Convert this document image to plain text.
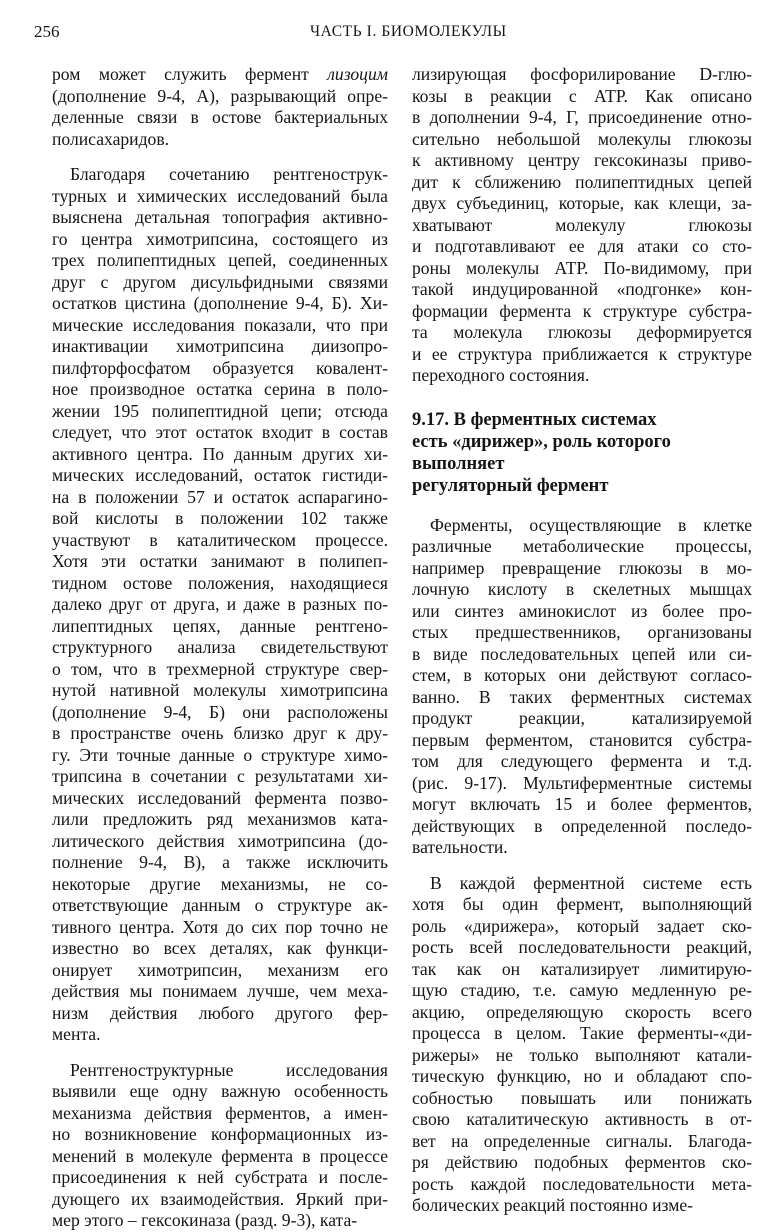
256	ЧАСТЬ I. БИОМОЛЕКУЛЫ
ром может служить фермент лизоцим
(дополнение 9-4, А), разрывающий опре-
деленные связи в остове бактериальных
полисахаридов.
Благодаря сочетанию рентгенострук-
турных и химических исследований была
выяснена детальная топография активно-
го центра химотрипсина, состоящего из
трех полипептидных цепей, соединенных
друг с другом дисульфидными связями
остатков цистина (дополнение 9-4, Б). Хи-
мические исследования показали, что при
инактивации химотрипсина диизопро-
пилфторфосфатом образуется ковалент-
ное производное остатка серина в поло-
жении 195 полипептидной цепи; отсюда
следует, что этот остаток входит в состав
активного центра. По данным других хи-
мических исследований, остаток гистиди-
на в положении 57 и остаток аспарагино-
вой кислоты в положении 102 также
участвуют в каталитическом процессе.
Хотя эти остатки занимают в полипеп-
тидном остове положения, находящиеся
далеко друг от друга, и даже в разных по-
липептидных цепях, данные рентгено-
структурного анализа свидетельствуют
о том, что в трехмерной структуре свер-
нутой нативной молекулы химотрипсина
(дополнение 9-4, Б) они расположены
в пространстве очень близко друг к дру-
гу. Эти точные данные о структуре химо-
трипсина в сочетании с результатами хи-
мических исследований фермента позво-
лили предложить ряд механизмов ката-
литического действия химотрипсина (до-
полнение 9-4, В), а также исключить
некоторые другие механизмы, не со-
ответствующие данным о структуре ак-
тивного центра. Хотя до сих пор точно не
известно во всех деталях, как функци-
онирует химотрипсин, механизм его
действия мы понимаем лучше, чем меха-
низм действия любого другого фер-
мента.
Рентгеноструктурные исследования
выявили еще одну важную особенность
механизма действия ферментов, а имен-
но возникновение конформационных из-
менений в молекуле фермента в процессе
присоединения к ней субстрата и после-
дующего их взаимодействия. Яркий при-
мер этого – гексокиназа (разд. 9-3), ката-
лизирующая фосфорилирование D-глю-
козы в реакции с АТР. Как описано
в дополнении 9-4, Г, присоединение отно-
сительно небольшой молекулы глюкозы
к активному центру гексокиназы приво-
дит к сближению полипептидных цепей
двух субъединиц, которые, как клещи, за-
хватывают молекулу глюкозы
и подготавливают ее для атаки со сто-
роны молекулы АТР. По-видимому, при
такой индуцированной «подгонке» кон-
формации фермента к структуре субстра-
та молекула глюкозы деформируется
и ее структура приближается к структуре
переходного состояния.
9.17. В ферментных системах
есть «дирижер», роль которого
выполняет
регуляторный фермент
Ферменты, осуществляющие в клетке
различные метаболические процессы,
например превращение глюкозы в мо-
лочную кислоту в скелетных мышцах
или синтез аминокислот из более про-
стых предшественников, организованы
в виде последовательных цепей или си-
стем, в которых они действуют согласо-
ванно. В таких ферментных системах
продукт реакции, катализируемой
первым ферментом, становится субстра-
том для следующего фермента и т.д.
(рис. 9-17). Мультиферментные системы
могут включать 15 и более ферментов,
действующих в определенной последо-
вательности.
В каждой ферментной системе есть
хотя бы один фермент, выполняющий
роль «дирижера», который задает ско-
рость всей последовательности реакций,
так как он катализирует лимитирую-
щую стадию, т.е. самую медленную ре-
акцию, определяющую скорость всего
процесса в целом. Такие ферменты-«ди-
рижеры» не только выполняют катали-
тическую функцию, но и обладают спо-
собностью повышать или понижать
свою каталитическую активность в от-
вет на определенные сигналы. Благода-
ря действию подобных ферментов ско-
рость каждой последовательности мета-
болических реакций постоянно изме-
